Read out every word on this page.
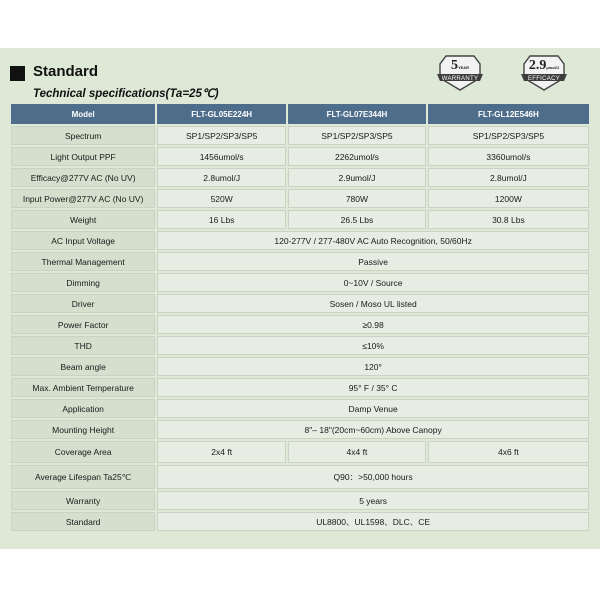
Standard
Technical specifications(Ta=25℃)
5YEAR
WARRANTY
2.9µmol/J
EFFICACY
Model	FLT-GL05E224H	FLT-GL07E344H	FLT-GL12E546H
Spectrum	SP1/SP2/SP3/SP5	SP1/SP2/SP3/SP5	SP1/SP2/SP3/SP5
Light Output PPF	1456umol/s	2262umol/s	3360umol/s
Efficacy@277V AC (No UV)	2.8umol/J	2.9umol/J	2.8umol/J
Input Power@277V AC (No UV)	520W	780W	1200W
Weight	16 Lbs	26.5 Lbs	30.8 Lbs
AC Input Voltage	120-277V / 277-480V AC Auto Recognition, 50/60Hz		
Thermal Management	Passive		
Dimming	0~10V / Source		
Driver	Sosen / Moso UL listed		
Power Factor	≥0.98		
THD	≤10%		
Beam angle	120°		
Max. Ambient Temperature	95° F / 35° C		
Application	Damp Venue		
Mounting Height	8"– 18"(20cm~60cm) Above Canopy		
Coverage Area	2x4 ft	4x4 ft	4x6 ft
Average Lifespan Ta25℃	Q90：>50,000 hours		
Warranty	5 years		
Standard	UL8800、UL1598、DLC、CE		
